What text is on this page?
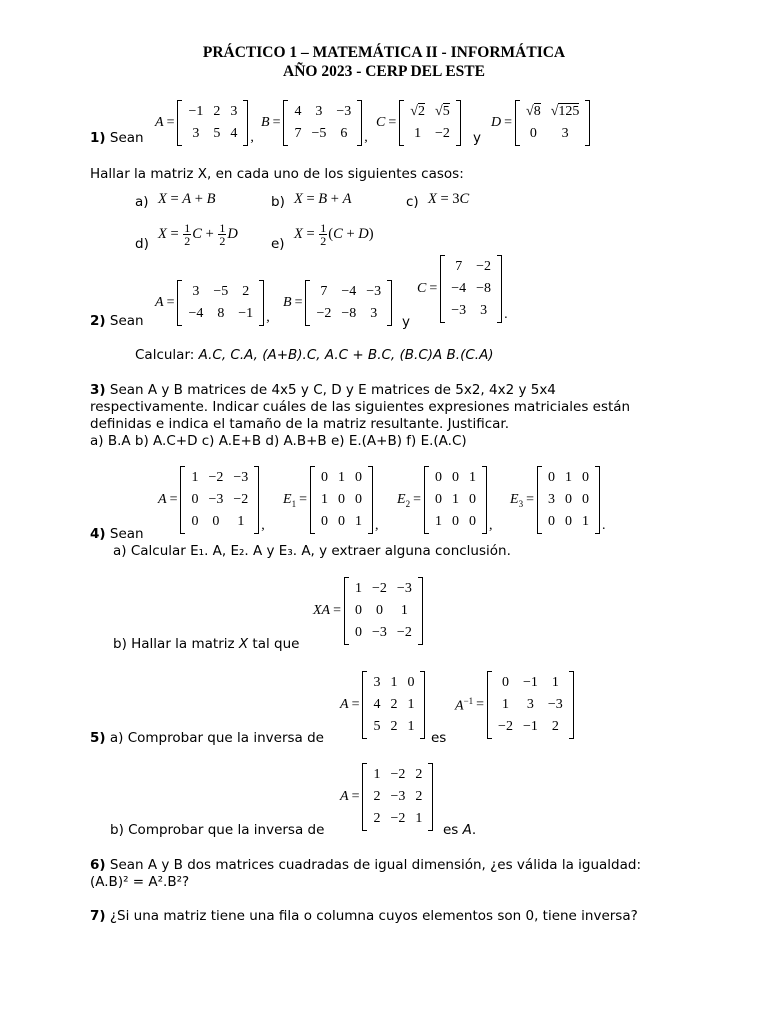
PRÁCTICO 1 – MATEMÁTICA II - INFORMÁTICA
AÑO 2023 - CERP DEL ESTE
1) Sean
A =
−1 2 3
3 5 4 ,
B =
4 3 −3
7 −5 6	,
C =
√2 √5
1 −2	y
D =
√8 √125
0	3
Hallar la matriz X, en cada uno de los siguientes casos:
a) X = A + B	b) X = B + A	c) X = 3C
d)
$X = \frac{1}{2}$ $C + \frac{1}{2}$ D
e)
$X = \frac{1}{2} (C + D)$
2) Sean
A =
3 −5 2
−4 8 −1 ,
B =
7 −4 −3
−2 −8 3
y
C =
7 −2
−4 −8
−3 3	.
Calcular: A.C, C.A, (A+B).C, A.C + B.C, (B.C)A B.(C.A)
3) Sean A y B matrices de 4x5 y C, D y E matrices de 5x2, 4x2 y 5x4
respectivamente. Indicar cuáles de las siguientes expresiones matriciales están
definidas e indica el tamaño de la matriz resultante. Justificar.
a) B.A b) A.C+D c) A.E+B d) A.B+B e) E.(A+B) f) E.(A.C)
4) Sean
A =
1 −2 −3
0 −3 −2
0 0	1	,
$E_1$ =
0 1 0
1 0 0
0 0 1 ,
$E_2$ =
0 0 1
0 1 0
1 0 0 ,
$E_3$ =
0 1 0
3 0 0
0 0 1 .
a) Calcular E₁. A, E₂. A y E₃. A, y extraer alguna conclusión.
b) Hallar la matriz X tal que
XA =
1 −2 −3
0 0	1
0 −3 −2
5) a) Comprobar que la inversa de
A =
3 1 0
4 2 1
5 2 1
es
$A^{-1}$ =
0 −1 1
1	3 −3
−2 −1 2
b) Comprobar que la inversa de
A =
1 −2 2
2 −3 2
2 −2 1
es A.
6) Sean A y B dos matrices cuadradas de igual dimensión, ¿es válida la igualdad:
(A.B)² = A².B²?
7) ¿Si una matriz tiene una fila o columna cuyos elementos son 0, tiene inversa?
